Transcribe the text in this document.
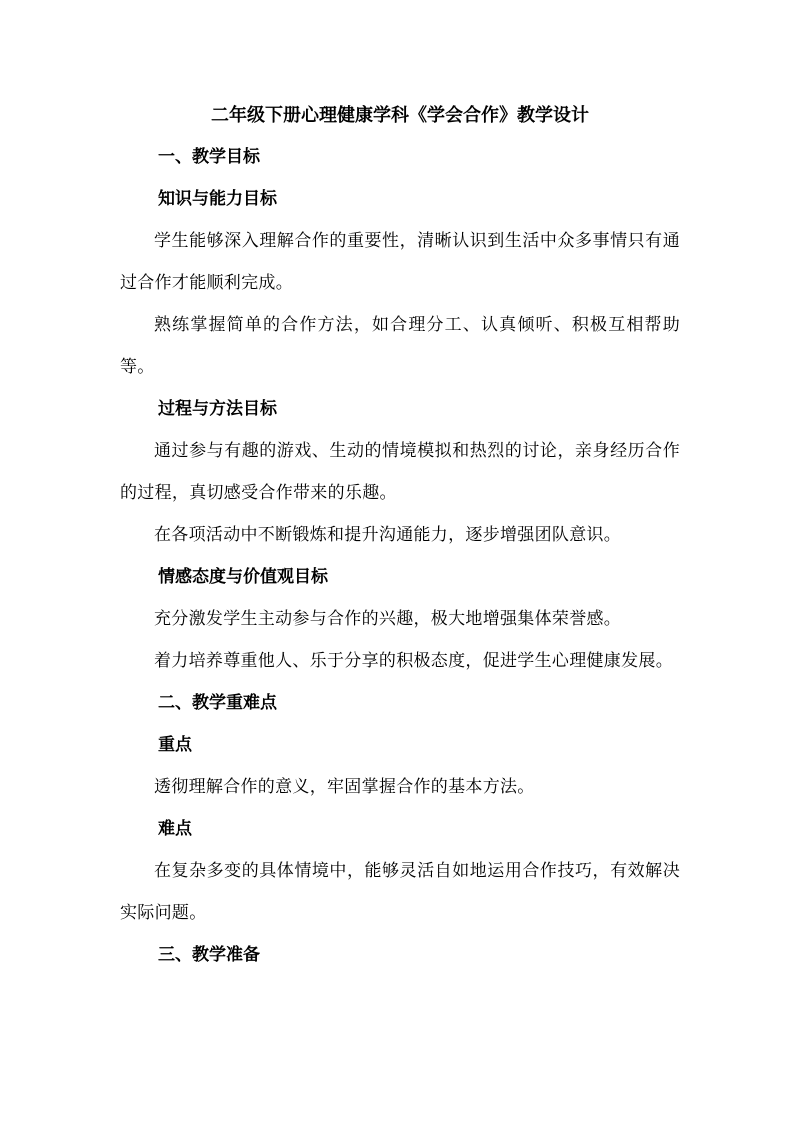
二年级下册心理健康学科《学会合作》教学设计
一、教学目标
知识与能力目标

学生能够深入理解合作的重要性，清晰认识到生活中众多事情只有通过合作才能顺利完成。

熟练掌握简单的合作方法，如合理分工、认真倾听、积极互相帮助等。

过程与方法目标

通过参与有趣的游戏、生动的情境模拟和热烈的讨论，亲身经历合作的过程，真切感受合作带来的乐趣。

在各项活动中不断锻炼和提升沟通能力，逐步增强团队意识。

情感态度与价值观目标

充分激发学生主动参与合作的兴趣，极大地增强集体荣誉感。

着力培养尊重他人、乐于分享的积极态度，促进学生心理健康发展。

二、教学重难点
重点

透彻理解合作的意义，牢固掌握合作的基本方法。

难点

在复杂多变的具体情境中，能够灵活自如地运用合作技巧，有效解决实际问题。

三、教学准备
